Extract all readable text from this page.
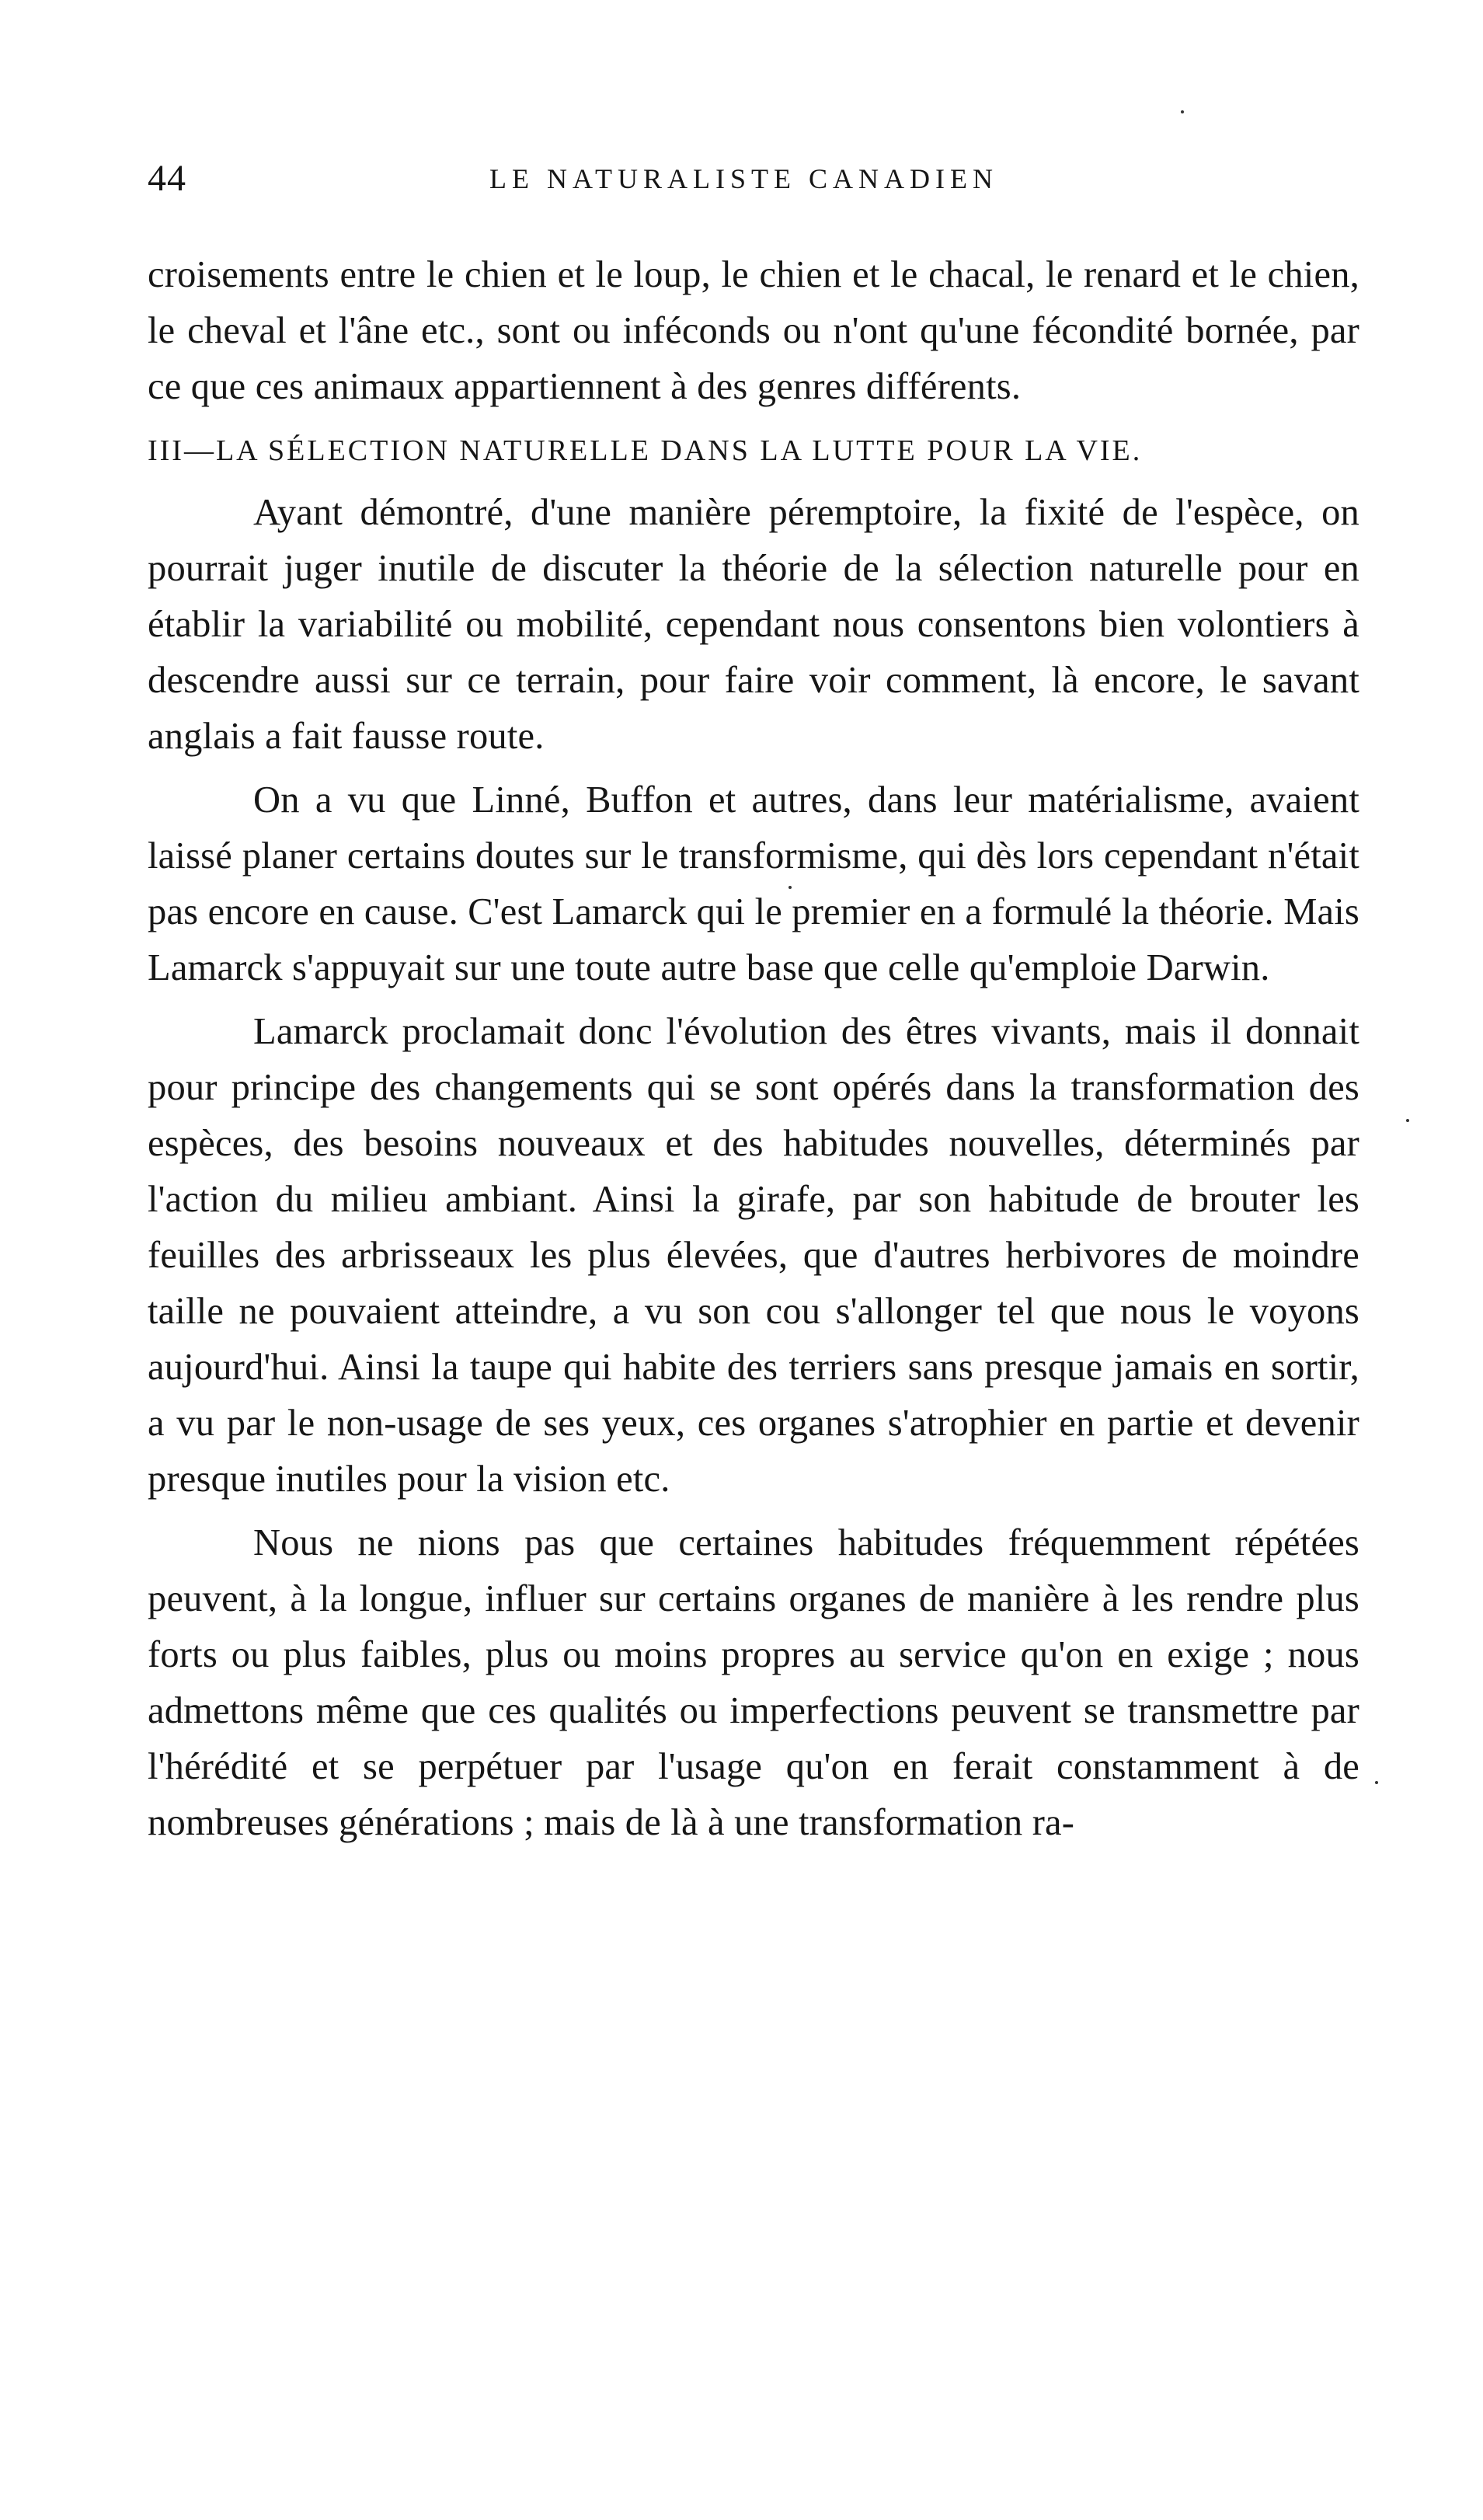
44	LE NATURALISTE CANADIEN

croisements entre le chien et le loup, le chien et le chacal, le renard et le chien, le cheval et l'âne etc., sont ou inféconds ou n'ont qu'une fécondité bornée, par ce que ces animaux appartiennent à des genres différents.

III—LA SÉLECTION NATURELLE DANS LA LUTTE POUR LA VIE.

Ayant démontré, d'une manière péremptoire, la fixité de l'espèce, on pourrait juger inutile de discuter la théorie de la sélection naturelle pour en établir la variabilité ou mobilité, cependant nous consentons bien volontiers à descendre aussi sur ce terrain, pour faire voir comment, là encore, le savant anglais a fait fausse route.

On a vu que Linné, Buffon et autres, dans leur matérialisme, avaient laissé planer certains doutes sur le transformisme, qui dès lors cependant n'était pas encore en cause. C'est Lamarck qui le premier en a formulé la théorie. Mais Lamarck s'appuyait sur une toute autre base que celle qu'emploie Darwin.

Lamarck proclamait donc l'évolution des êtres vivants, mais il donnait pour principe des changements qui se sont opérés dans la transformation des espèces, des besoins nouveaux et des habitudes nouvelles, déterminés par l'action du milieu ambiant. Ainsi la girafe, par son habitude de brouter les feuilles des arbrisseaux les plus élevées, que d'autres herbivores de moindre taille ne pouvaient atteindre, a vu son cou s'allonger tel que nous le voyons aujourd'hui. Ainsi la taupe qui habite des terriers sans presque jamais en sortir, a vu par le non-usage de ses yeux, ces organes s'atrophier en partie et devenir presque inutiles pour la vision etc.

Nous ne nions pas que certaines habitudes fréquemment répétées peuvent, à la longue, influer sur certains organes de manière à les rendre plus forts ou plus faibles, plus ou moins propres au service qu'on en exige ; nous admettons même que ces qualités ou imperfections peuvent se transmettre par l'hérédité et se perpétuer par l'usage qu'on en ferait constamment à de nombreuses générations ; mais de là à une transformation ra-
